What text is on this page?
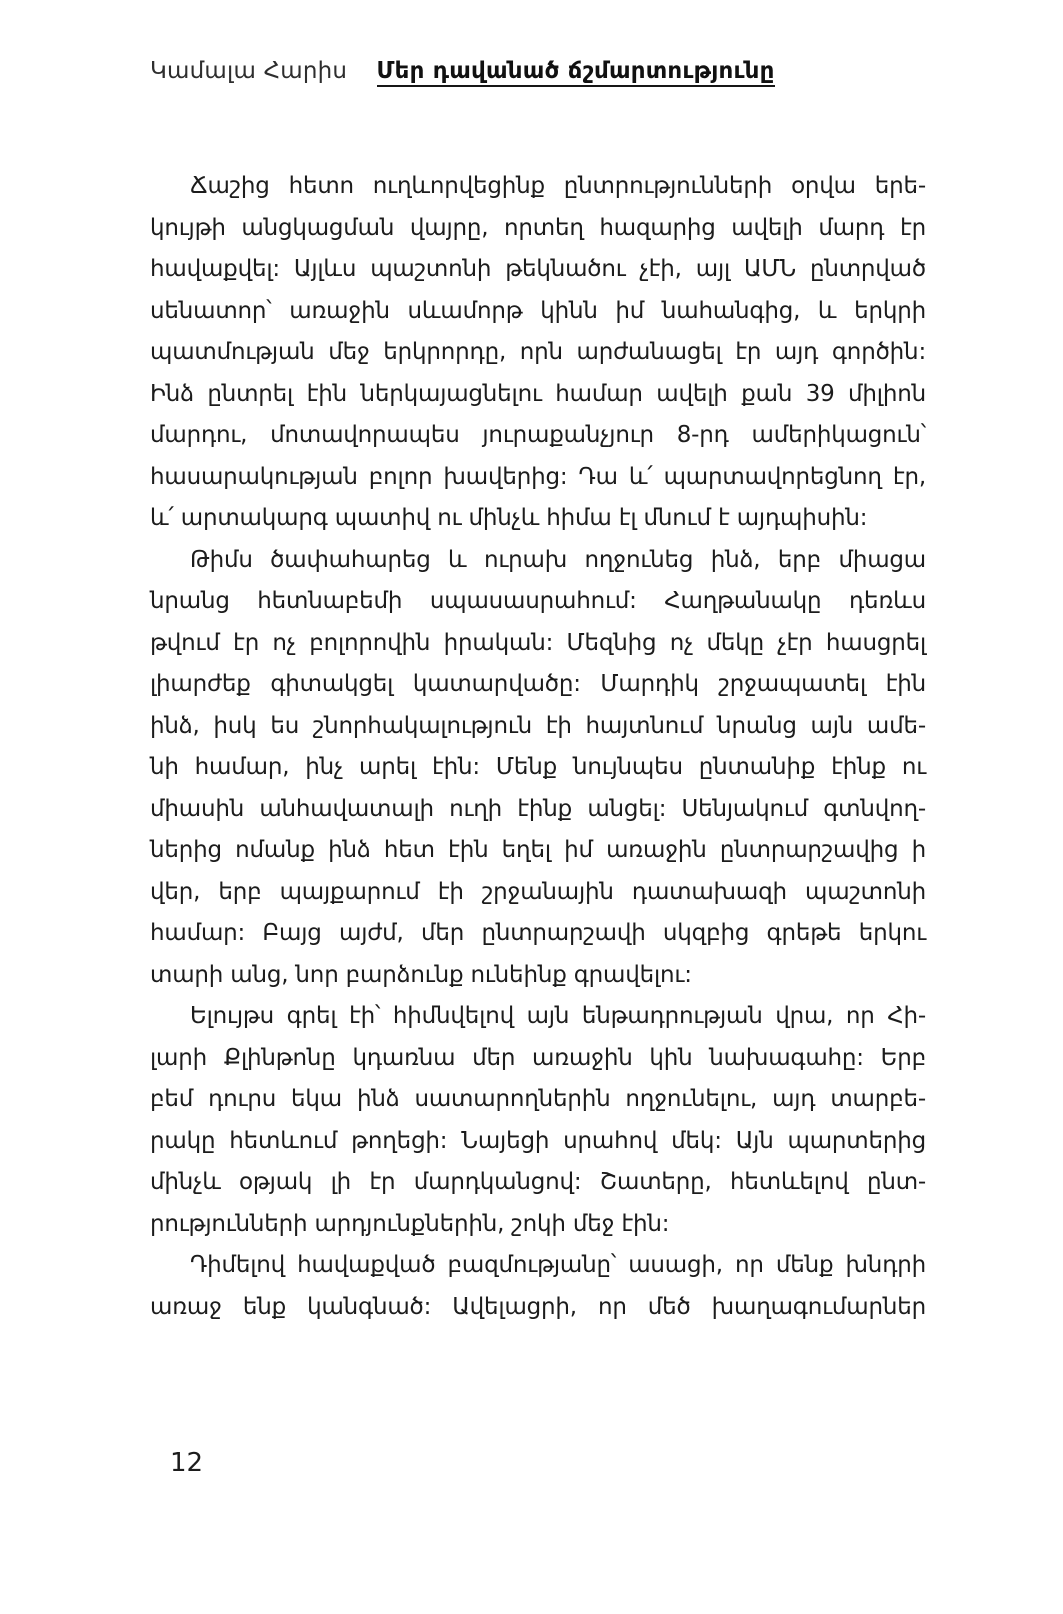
Կամալա Հարիս Մեր դավանած ճշմարտությունը
Ճաշից հետո ուղևորվեցինք ընտրությունների օրվա երե-
կույթի անցկացման վայրը, որտեղ հազարից ավելի մարդ էր
հավաքվել: Այլևս պաշտոնի թեկնածու չէի, այլ ԱՄՆ ընտրված
սենատոր՝ առաջին սևամորթ կինն իմ նահանգից, և երկրի
պատմության մեջ երկրորդը, որն արժանացել էր այդ գործին:
Ինձ ընտրել էին ներկայացնելու համար ավելի քան 39 միլիոն
մարդու, մոտավորապես յուրաքանչյուր 8-րդ ամերիկացուն՝
հասարակության բոլոր խավերից: Դա և՛ պարտավորեցնող էր,
և՛ արտակարգ պատիվ ու մինչև հիմա էլ մնում է այդպիսին:
Թիմս ծափահարեց և ուրախ ողջունեց ինձ, երբ միացա
նրանց հետնաբեմի սպասասրահում: Հաղթանակը դեռևս
թվում էր ոչ բոլորովին իրական: Մեզնից ոչ մեկը չէր հասցրել
լիարժեք գիտակցել կատարվածը: Մարդիկ շրջապատել էին
ինձ, իսկ ես շնորհակալություն էի հայտնում նրանց այն ամե-
նի համար, ինչ արել էին: Մենք նույնպես ընտանիք էինք ու
միասին անհավատալի ուղի էինք անցել: Սենյակում գտնվող-
ներից ոմանք ինձ հետ էին եղել իմ առաջին ընտրարշավից ի
վեր, երբ պայքարում էի շրջանային դատախազի պաշտոնի
համար: Բայց այժմ, մեր ընտրարշավի սկզբից գրեթե երկու
տարի անց, նոր բարձունք ունեինք գրավելու:
Ելույթս գրել էի՝ հիմնվելով այն ենթադրության վրա, որ Հի-
լարի Քլինթոնը կդառնա մեր առաջին կին նախագահը: Երբ
բեմ դուրս եկա ինձ սատարողներին ողջունելու, այդ տարբե-
րակը հետևում թողեցի: Նայեցի սրահով մեկ: Այն պարտերից
մինչև օթյակ լի էր մարդկանցով: Շատերը, հետևելով ընտ-
րությունների արդյունքներին, շոկի մեջ էին:
Դիմելով հավաքված բազմությանը՝ ասացի, որ մենք խնդրի
առաջ ենք կանգնած: Ավելացրի, որ մեծ խաղագումարներ
12
